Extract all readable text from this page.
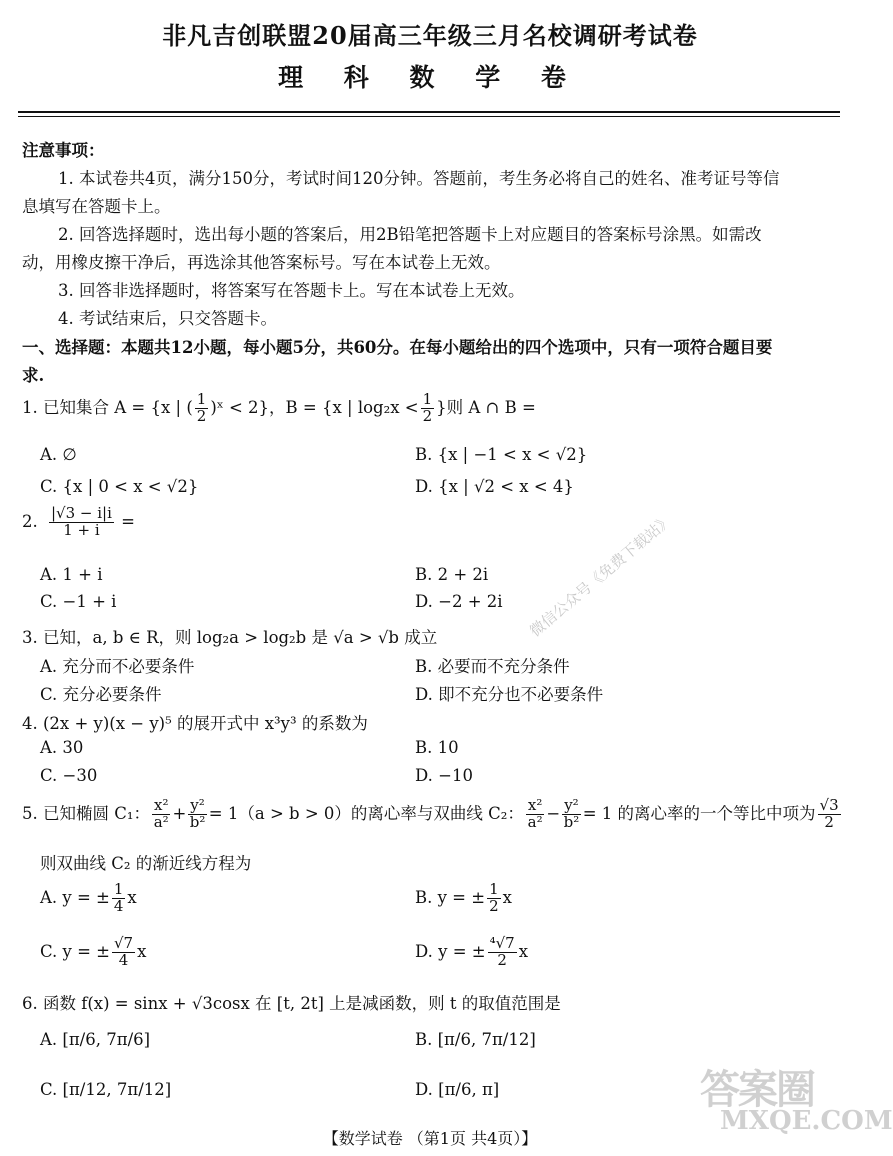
非凡吉创联盟20届高三年级三月名校调研考试卷
理 科 数 学 卷
注意事项：
1. 本试卷共4页，满分150分，考试时间120分钟。答题前，考生务必将自己的姓名、准考证号等信
息填写在答题卡上。
2. 回答选择题时，选出每小题的答案后，用2B铅笔把答题卡上对应题目的答案标号涂黑。如需改
动，用橡皮擦干净后，再选涂其他答案标号。写在本试卷上无效。
3. 回答非选择题时，将答案写在答题卡上。写在本试卷上无效。
4. 考试结束后，只交答题卡。
一、选择题：本题共12小题，每小题5分，共60分。在每小题给出的四个选项中，只有一项符合题目要
求.
1. 已知集合 A = {x | ( $\frac{1}{2}$ )ˣ < 2}，B = {x | $\log_2x < \frac{1}{2}$ }则 A ∩ B =
A. ∅	B. {x | −1 < x < √2}
C. {x | 0 < x < √2}	D. {x | √2 < x < 4}
2. $\frac{|√3 - i|i}{1 + i}$ =
A. 1 + i	B. 2 + 2i
C. −1 + i	D. −2 + 2i
3. 已知，a, b ∈ R，则 log₂a > log₂b 是 √a > √b 成立
A. 充分而不必要条件	B. 必要而不充分条件
C. 充分必要条件	D. 即不充分也不必要条件
4. (2x + y)(x − y)⁵ 的展开式中 x³y³ 的系数为
A. 30	B. 10
C. −30	D. −10
5. 已知椭圆 C₁： $\frac{\text{x²}}{\text{a²}} + \frac{\text{y²}}{\text{b²}} = 1(a > b > 0)$的离心率与双曲线 C₂： $\frac{\text{x²}}{\text{a²}} - \frac{\text{y²}}{\text{b²}} = 1$ 的离心率的一个等比中项为 $\frac{√3}{2}$
则双曲线 C₂ 的渐近线方程为
A. y = ± $\frac{1}{4}$ x	B. y = ± $\frac{1}{2}$ x
C. y = ± $\frac{√7}{4}$ x	D. y = ± $\frac{\text{⁴√7}}{2}$ x
6. 函数 f(x) = sinx + √3cosx 在 [t, 2t] 上是减函数，则 t 的取值范围是
A. [π/6, 7π/6]	B. [π/6, 7π/12]
C. [π/12, 7π/12]	D. [π/6, π]
微信公众号《免费下载站》
答案圈
MXQE.COM
【数学试卷 （第1页 共4页）】
